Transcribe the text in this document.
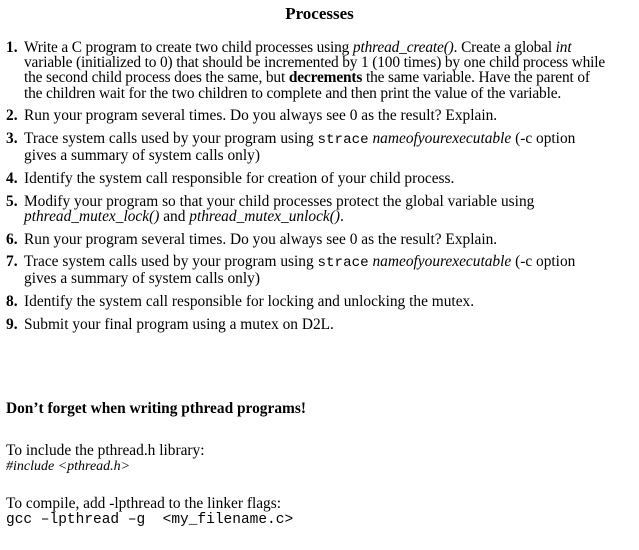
Processes
1. Write a C program to create two child processes using pthread_create(). Create a global int variable (initialized to 0) that should be incremented by 1 (100 times) by one child process while the second child process does the same, but decrements the same variable. Have the parent of the children wait for the two children to complete and then print the value of the variable.
2. Run your program several times. Do you always see 0 as the result? Explain.
3. Trace system calls used by your program using strace nameofyourexecutable (-c option gives a summary of system calls only)
4. Identify the system call responsible for creation of your child process.
5. Modify your program so that your child processes protect the global variable using pthread_mutex_lock() and pthread_mutex_unlock().
6. Run your program several times. Do you always see 0 as the result? Explain.
7. Trace system calls used by your program using strace nameofyourexecutable (-c option gives a summary of system calls only)
8. Identify the system call responsible for locking and unlocking the mutex.
9. Submit your final program using a mutex on D2L.
Don’t forget when writing pthread programs!
To include the pthread.h library:
#include <pthread.h>
To compile, add -lpthread to the linker flags:
gcc –lpthread –g  <my_filename.c>
